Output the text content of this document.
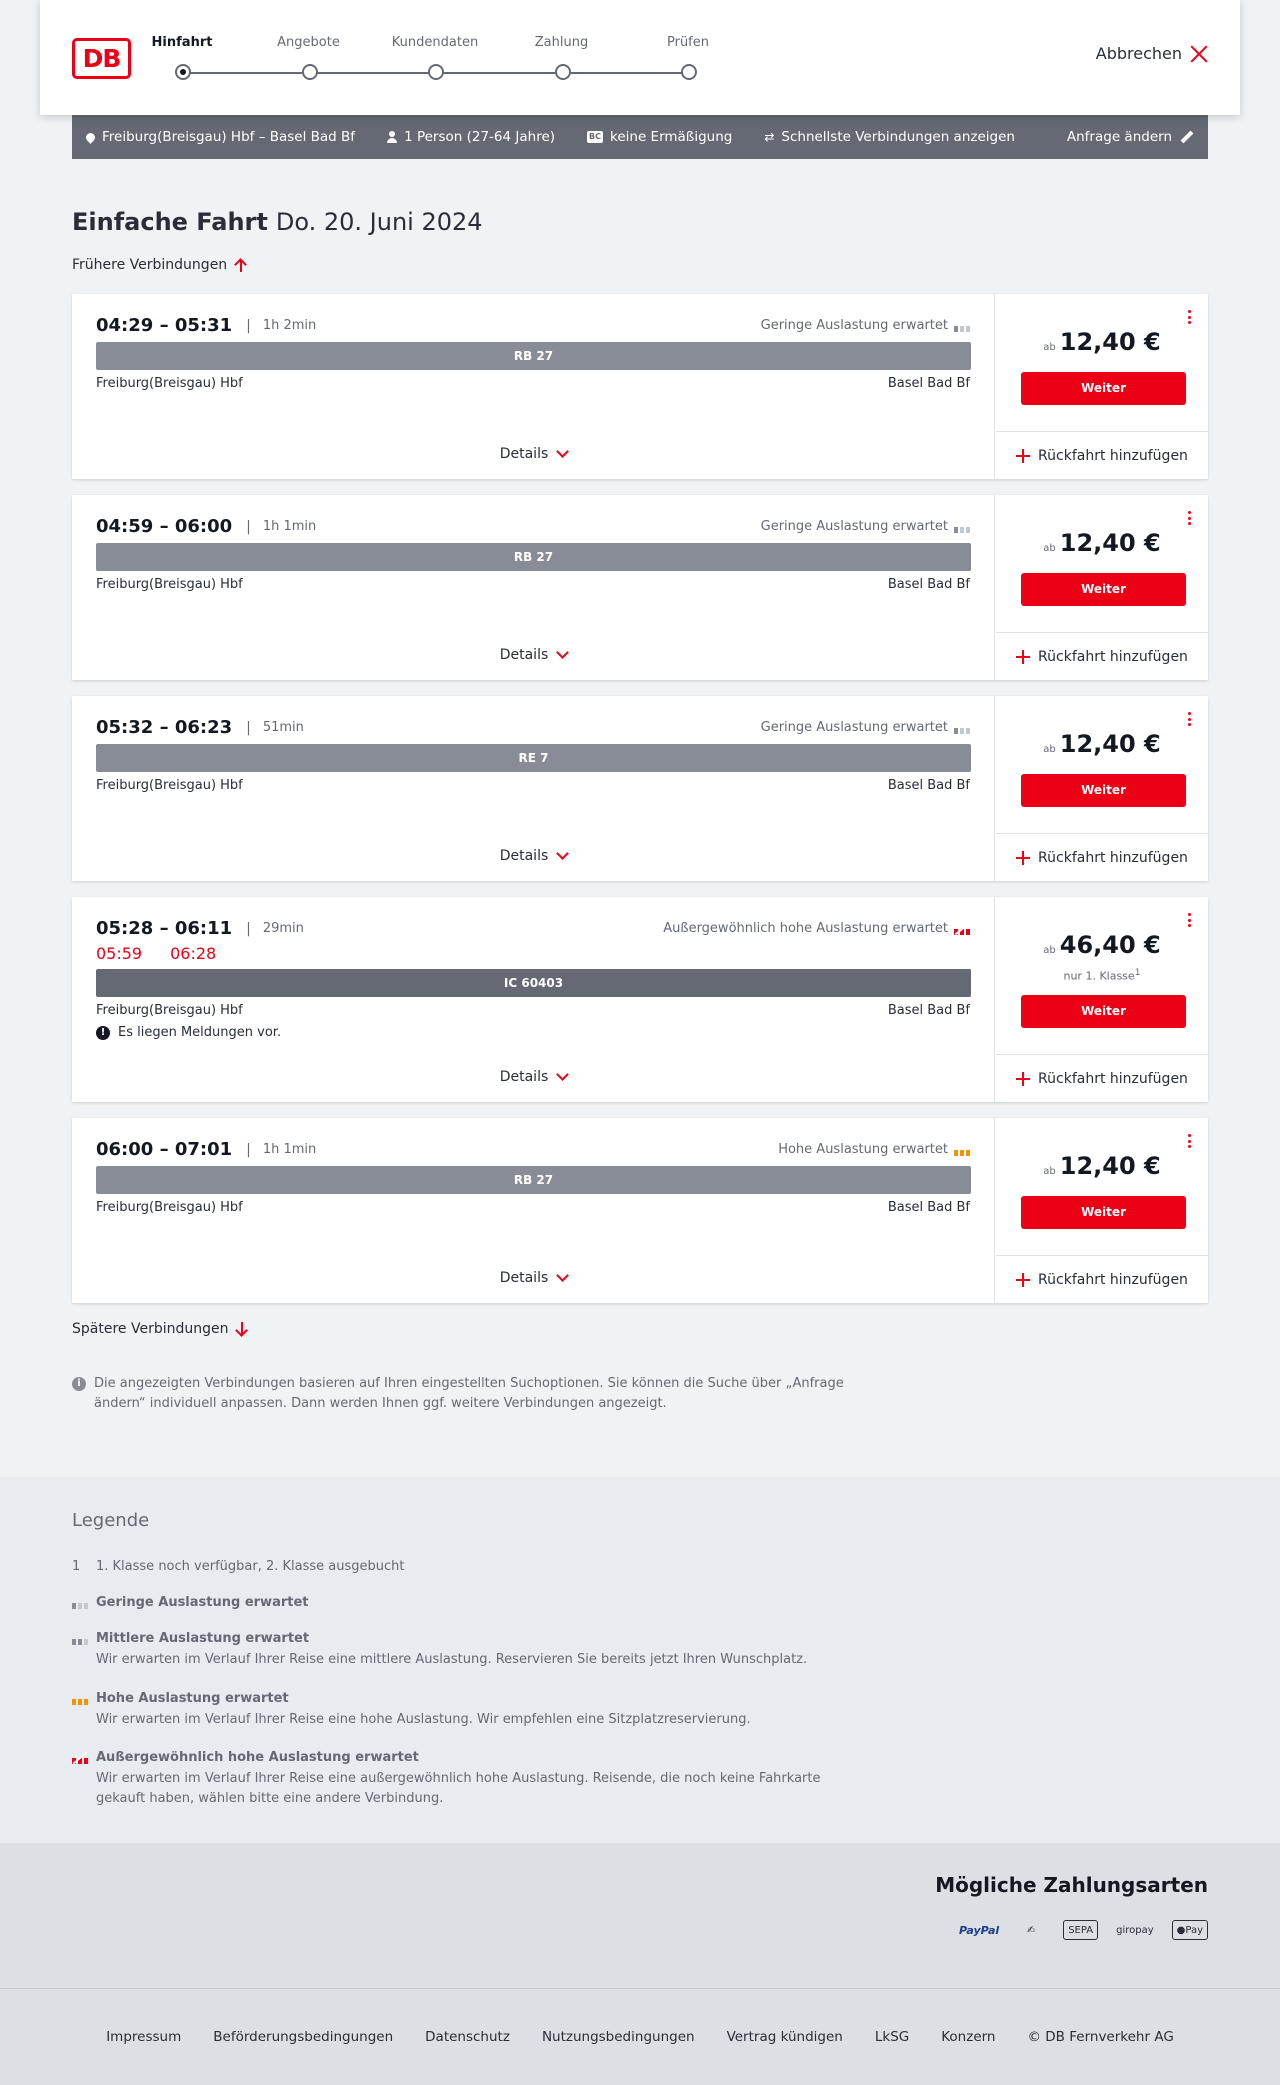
DB
Hinfahrt	Angebote	Kundendaten	Zahlung	Prüfen
Abbrechen
Freiburg(Breisgau) Hbf – Basel Bad Bf	1 Person (27-64 Jahre)	BC keine Ermäßigung	⇄ Schnellste Verbindungen anzeigen	Anfrage ändern
Einfache Fahrt Do. 20. Juni 2024
Frühere Verbindungen
04:29 – 05:31 | 1h 2min	Geringe Auslastung erwartet
RB 27
Freiburg(Breisgau) Hbf	Basel Bad Bf
Details
ab 12,40 €
Weiter
Rückfahrt hinzufügen
04:59 – 06:00 | 1h 1min	Geringe Auslastung erwartet
RB 27
Freiburg(Breisgau) Hbf	Basel Bad Bf
Details
ab 12,40 €
Weiter
Rückfahrt hinzufügen
05:32 – 06:23 | 51min	Geringe Auslastung erwartet
RE 7
Freiburg(Breisgau) Hbf	Basel Bad Bf
Details
ab 12,40 €
Weiter
Rückfahrt hinzufügen
05:28 – 06:11 | 29min
05:59 06:28
Außergewöhnlich hohe Auslastung erwartet
IC 60403
Freiburg(Breisgau) Hbf	Basel Bad Bf
! Es liegen Meldungen vor.
Details
ab 46,40 €
nur 1. Klasse$^1$
Weiter
Rückfahrt hinzufügen
06:00 – 07:01 | 1h 1min	Hohe Auslastung erwartet
RB 27
Freiburg(Breisgau) Hbf	Basel Bad Bf
Details
ab 12,40 €
Weiter
Rückfahrt hinzufügen
Spätere Verbindungen
i	Die angezeigten Verbindungen basieren auf Ihren eingestellten Suchoptionen. Sie können die Suche über „Anfrage ändern“ individuell anpassen. Dann werden Ihnen ggf. weitere Verbindungen angezeigt.
Legende
1 1. Klasse noch verfügbar, 2. Klasse ausgebucht
Geringe Auslastung erwartet
Mittlere Auslastung erwartet
Wir erwarten im Verlauf Ihrer Reise eine mittlere Auslastung. Reservieren Sie bereits jetzt Ihren Wunschplatz.
Hohe Auslastung erwartet
Wir erwarten im Verlauf Ihrer Reise eine hohe Auslastung. Wir empfehlen eine Sitzplatzreservierung.
Außergewöhnlich hohe Auslastung erwartet
Wir erwarten im Verlauf Ihrer Reise eine außergewöhnlich hohe Auslastung. Reisende, die noch keine Fahrkarte gekauft haben, wählen bitte eine andere Verbindung.
Mögliche Zahlungsarten
PayPal	✍	SEPA	giropay ● Pay
Impressum Beförderungsbedingungen Datenschutz Nutzungsbedingungen Vertrag kündigen LkSG Konzern © DB Fernverkehr AG
